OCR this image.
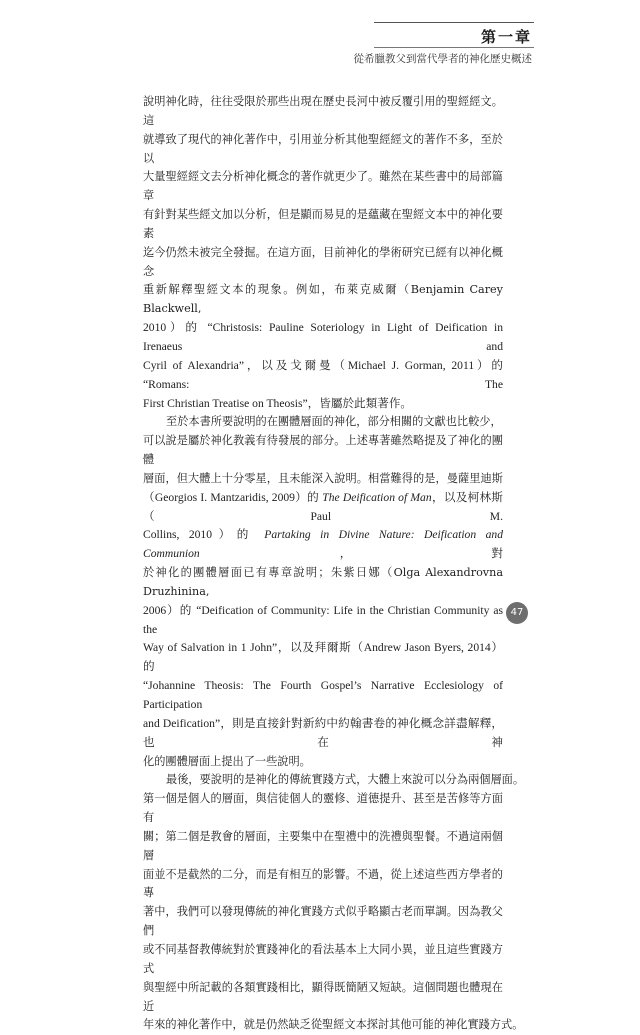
第一章
從希臘教父到當代學者的神化歷史概述

說明神化時，往往受限於那些出現在歷史長河中被反覆引用的聖經經文。這
就導致了現代的神化著作中，引用並分析其他聖經經文的著作不多，至於以
大量聖經經文去分析神化概念的著作就更少了。雖然在某些書中的局部篇章
有針對某些經文加以分析，但是顯而易見的是蘊藏在聖經文本中的神化要素
迄今仍然未被完全發掘。在這方面，目前神化的學術研究已經有以神化概念
重新解釋聖經文本的現象。例如，布萊克威爾（Benjamin Carey Blackwell,
2010）的 “Christosis: Pauline Soteriology in Light of Deification in Irenaeus and
Cyril of Alexandria”，以及戈爾曼（Michael J. Gorman, 2011）的 “Romans: The
First Christian Treatise on Theosis”，皆屬於此類著作。

至於本書所要說明的在團體層面的神化，部分相關的文獻也比較少，
可以說是屬於神化教義有待發展的部分。上述專著雖然略提及了神化的團體
層面，但大體上十分零星，且未能深入說明。相當難得的是，曼薩里迪斯
（Georgios I. Mantzaridis, 2009）的 The Deification of Man，以及柯林斯（Paul M.
Collins, 2010）的 Partaking in Divine Nature: Deification and Communion，對
於神化的團體層面已有專章說明；朱紫日娜（Olga Alexandrovna Druzhinina,
2006）的 “Deification of Community: Life in the Christian Community as the
Way of Salvation in 1 John”，以及拜爾斯（Andrew Jason Byers, 2014）的
“Johannine Theosis: The Fourth Gospel’s Narrative Ecclesiology of Participation
and Deification”，則是直接針對新約中約翰書卷的神化概念詳盡解釋，也在神
化的團體層面上提出了一些說明。

最後，要說明的是神化的傳統實踐方式，大體上來說可以分為兩個層面。
第一個是個人的層面，與信徒個人的靈修、道德提升、甚至是苦修等方面有
關；第二個是教會的層面，主要集中在聖禮中的洗禮與聖餐。不過這兩個層
面並不是截然的二分，而是有相互的影響。不過，從上述這些西方學者的專
著中，我們可以發現傳統的神化實踐方式似乎略顯古老而單調。因為教父們
或不同基督教傳統對於實踐神化的看法基本上大同小異，並且這些實踐方式
與聖經中所記載的各類實踐相比，顯得既簡陋又短缺。這個問題也體現在近
年來的神化著作中，就是仍然缺乏從聖經文本探討其他可能的神化實踐方式。

47
